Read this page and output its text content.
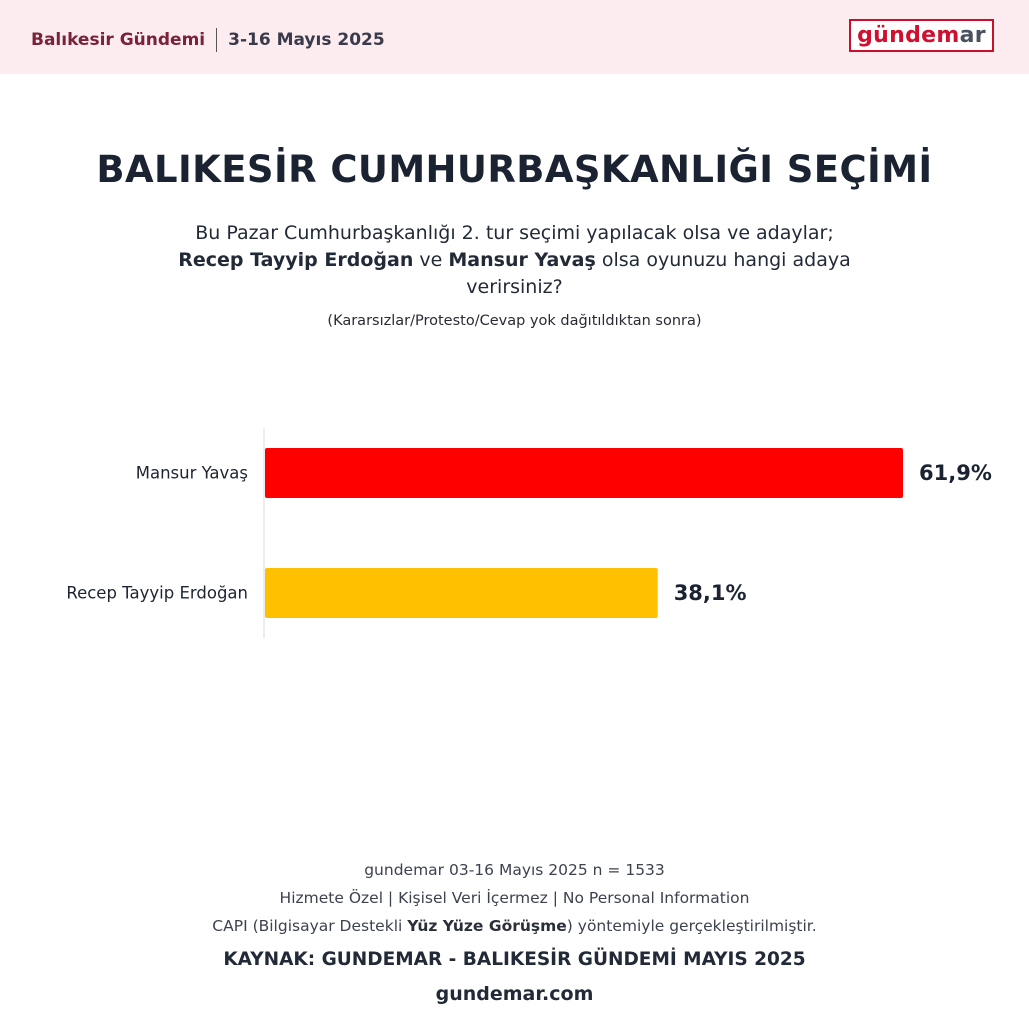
Balıkesir Gündemi 3-16 Mayıs 2025	gündem ar
BALIKESİR CUMHURBAŞKANLIĞI SEÇİMİ
Bu Pazar Cumhurbaşkanlığı 2. tur seçimi yapılacak olsa ve adaylar;
Recep Tayyip Erdoğan ve Mansur Yavaş olsa oyunuzu hangi adaya verirsiniz?
(Kararsızlar/Protesto/Cevap yok dağıtıldıktan sonra)
Mansur Yavaş	61,9%
Recep Tayyip Erdoğan	38,1%
gundemar 03-16 Mayıs 2025 n = 1533
Hizmete Özel | Kişisel Veri İçermez | No Personal Information
CAPI (Bilgisayar Destekli Yüz Yüze Görüşme) yöntemiyle gerçekleştirilmiştir.
KAYNAK: GUNDEMAR - BALIKESİR GÜNDEMİ MAYIS 2025
gundemar.com
